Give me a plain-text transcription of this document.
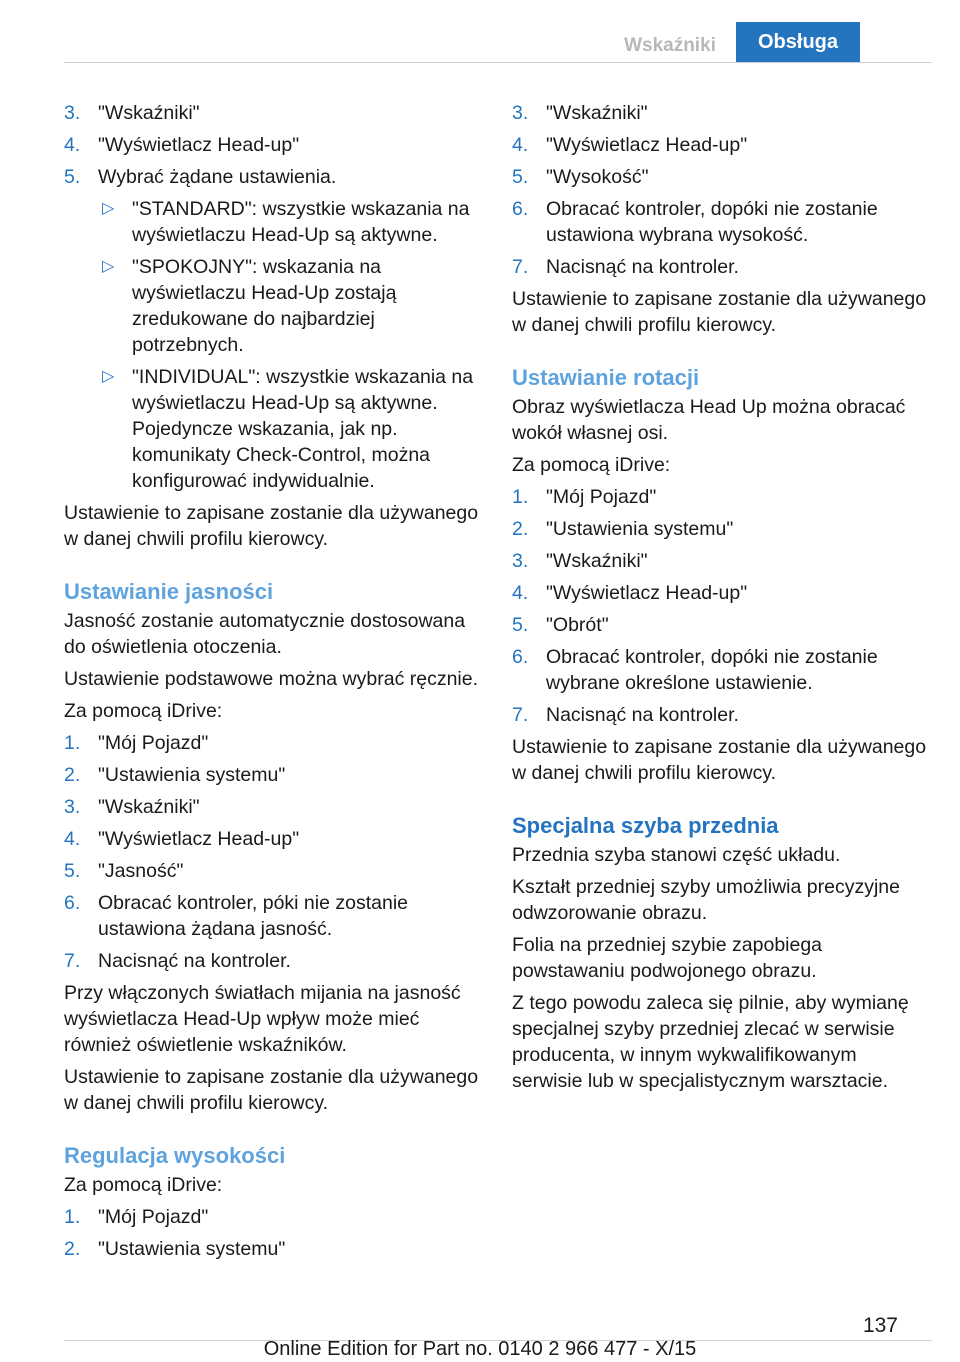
Wskaźniki	Obsługa
3. "Wskaźniki"
4. "Wyświetlacz Head-up"
5. Wybrać żądane ustawienia.
▷ "STANDARD": wszystkie wskazania na wyświetlaczu Head-Up są aktywne.
▷ "SPOKOJNY": wskazania na wyświetlaczu Head-Up zostają zredukowane do najbardziej potrzebnych.
▷ "INDIVIDUAL": wszystkie wskazania na wyświetlaczu Head-Up są aktywne. Pojedyncze wskazania, jak np. komunikaty Check-Control, można konfigurować indywidualnie.

Ustawienie to zapisane zostanie dla używanego w danej chwili profilu kierowcy.

Ustawianie jasności

Jasność zostanie automatycznie dostosowana do oświetlenia otoczenia.

Ustawienie podstawowe można wybrać ręcznie.

Za pomocą iDrive:

1. "Mój Pojazd"
2. "Ustawienia systemu"
3. "Wskaźniki"
4. "Wyświetlacz Head-up"
5. "Jasność"
6. Obracać kontroler, póki nie zostanie ustawiona żądana jasność.
7. Nacisnąć na kontroler.

Przy włączonych światłach mijania na jasność wyświetlacza Head-Up wpływ może mieć również oświetlenie wskaźników.

Ustawienie to zapisane zostanie dla używanego w danej chwili profilu kierowcy.

Regulacja wysokości

Za pomocą iDrive:

1. "Mój Pojazd"
2. "Ustawienia systemu"
3. "Wskaźniki"
4. "Wyświetlacz Head-up"
5. "Wysokość"
6. Obracać kontroler, dopóki nie zostanie ustawiona wybrana wysokość.
7. Nacisnąć na kontroler.

Ustawienie to zapisane zostanie dla używanego w danej chwili profilu kierowcy.

Ustawianie rotacji

Obraz wyświetlacza Head Up można obracać wokół własnej osi.

Za pomocą iDrive:

1. "Mój Pojazd"
2. "Ustawienia systemu"
3. "Wskaźniki"
4. "Wyświetlacz Head-up"
5. "Obrót"
6. Obracać kontroler, dopóki nie zostanie wybrane określone ustawienie.
7. Nacisnąć na kontroler.

Ustawienie to zapisane zostanie dla używanego w danej chwili profilu kierowcy.

Specjalna szyba przednia

Przednia szyba stanowi część układu.

Kształt przedniej szyby umożliwia precyzyjne odwzorowanie obrazu.

Folia na przedniej szybie zapobiega powstawaniu podwojonego obrazu.

Z tego powodu zaleca się pilnie, aby wymianę specjalnej szyby przedniej zlecać w serwisie producenta, w innym wykwalifikowanym serwisie lub w specjalistycznym warsztacie.

137
Online Edition for Part no. 0140 2 966 477 - X/15
